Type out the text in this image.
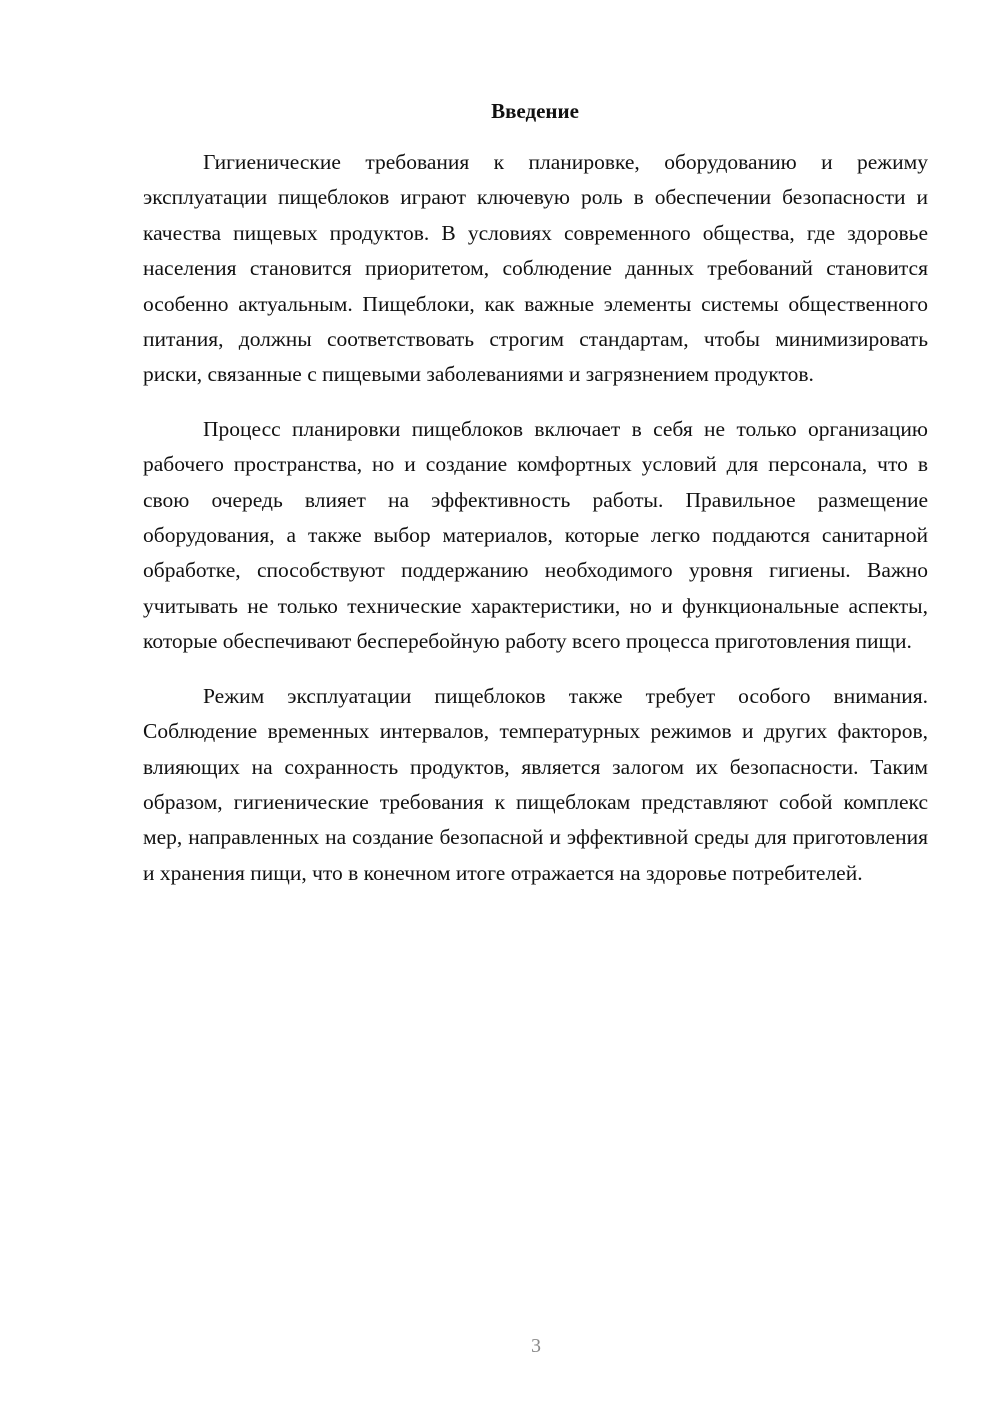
Введение

Гигиенические требования к планировке, оборудованию и режиму эксплуатации пищеблоков играют ключевую роль в обеспечении безопасности и качества пищевых продуктов. В условиях современного общества, где здоровье населения становится приоритетом, соблюдение данных требований становится особенно актуальным. Пищеблоки, как важные элементы системы общественного питания, должны соответствовать строгим стандартам, чтобы минимизировать риски, связанные с пищевыми заболеваниями и загрязнением продуктов.

Процесс планировки пищеблоков включает в себя не только организацию рабочего пространства, но и создание комфортных условий для персонала, что в свою очередь влияет на эффективность работы. Правильное размещение оборудования, а также выбор материалов, которые легко поддаются санитарной обработке, способствуют поддержанию необходимого уровня гигиены. Важно учитывать не только технические характеристики, но и функциональные аспекты, которые обеспечивают бесперебойную работу всего процесса приготовления пищи.

Режим эксплуатации пищеблоков также требует особого внимания. Соблюдение временных интервалов, температурных режимов и других факторов, влияющих на сохранность продуктов, является залогом их безопасности. Таким образом, гигиенические требования к пищеблокам представляют собой комплекс мер, направленных на создание безопасной и эффективной среды для приготовления и хранения пищи, что в конечном итоге отражается на здоровье потребителей.

3
